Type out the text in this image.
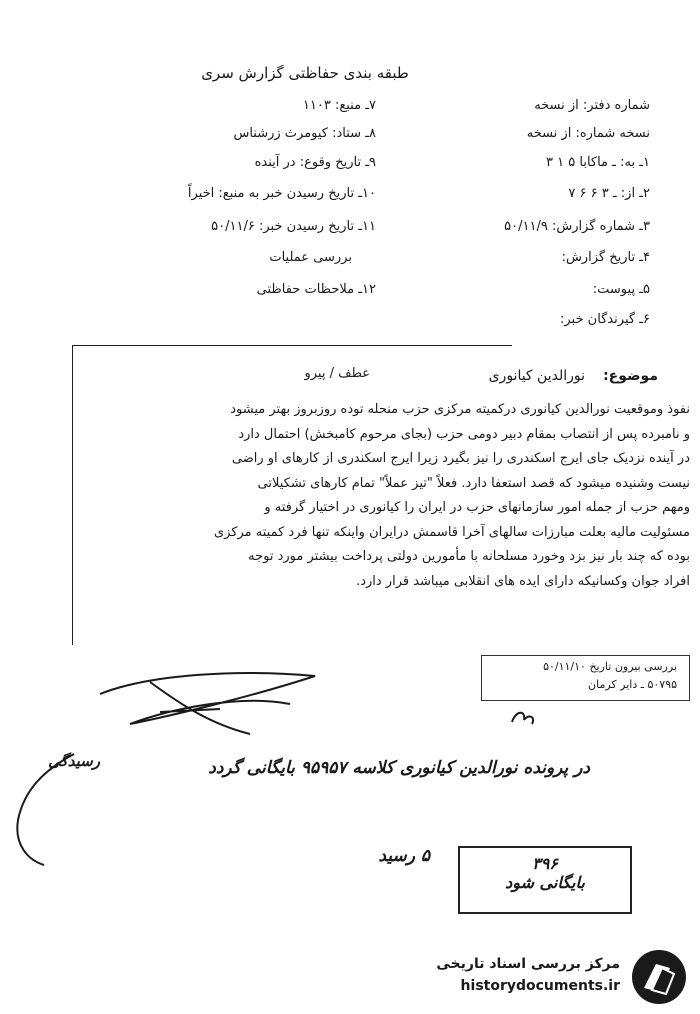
طبقه بندی حفاظتی گزارش سری
شماره دفتر: از نسخه
نسخه شماره: از نسخه
۱ـ به: ـ ماکابا ۵ ۱ ۳
۲ـ از: ـ ۳ ۶ ۶ ۷
۳ـ شماره گزارش: ۵۰/۱۱/۹
۴ـ تاریخ گزارش:
۵ـ پیوست:
۶ـ گیرندگان خبر:
۷ـ منبع: ۱۱۰۳
۸ـ ستاد: کیومرث زرشناس
۹ـ تاریخ وقوع: در آینده
۱۰ـ تاریخ رسیدن خبر به منبع: اخیراً
۱۱ـ تاریخ رسیدن خبر: ۵۰/۱۱/۶
بررسی عملیات
۱۲ـ ملاحظات حفاظتی
موضوع:
نورالدین کیانوری
عطف / پیرو

نفوذ وموقعیت نورالدین کیانوری درکمیته مرکزی حزب منحله توده روزبروز بهتر میشود

و نامبرده پس از انتصاب بمقام دبیر دومی حزب (بجای مرحوم کامبخش) احتمال دارد

در آینده نزدیک جای ایرج اسکندری را نیز بگیرد زیرا ایرج اسکندری از کارهای او راضی

نیست وشنیده میشود که قصد استعفا دارد. فعلاً "تیز عملاً" تمام کارهای تشکیلاتی

ومهم حزب از جمله امور سازمانهای حزب در ایران را کیانوری در اختیار گرفته و

مسئولیت مالیه بعلت مبارزات سالهای آخرا قاسمش درایران واینکه تنها فرد کمیته مرکزی

بوده که چند بار نیز بزد وخورد مسلحانه با مأمورین دولتی پرداخت بیشتر مورد توجه

افراد جوان وکسانیکه دارای ایده های انقلابی میباشد قرار دارد.

بررسی بیرون تاریخ ۵۰/۱۱/۱۰
۵۰۷۹۵ ـ دایر کرمان
در پرونده نورالدین کیانوری کلاسه ۹۵۹۵۷ بایگانی گردد
رسیدگی
۵ رسید	۳۹۶
بایگانی شود
مرکز بررسی اسناد تاریخی
historydocuments.ir
